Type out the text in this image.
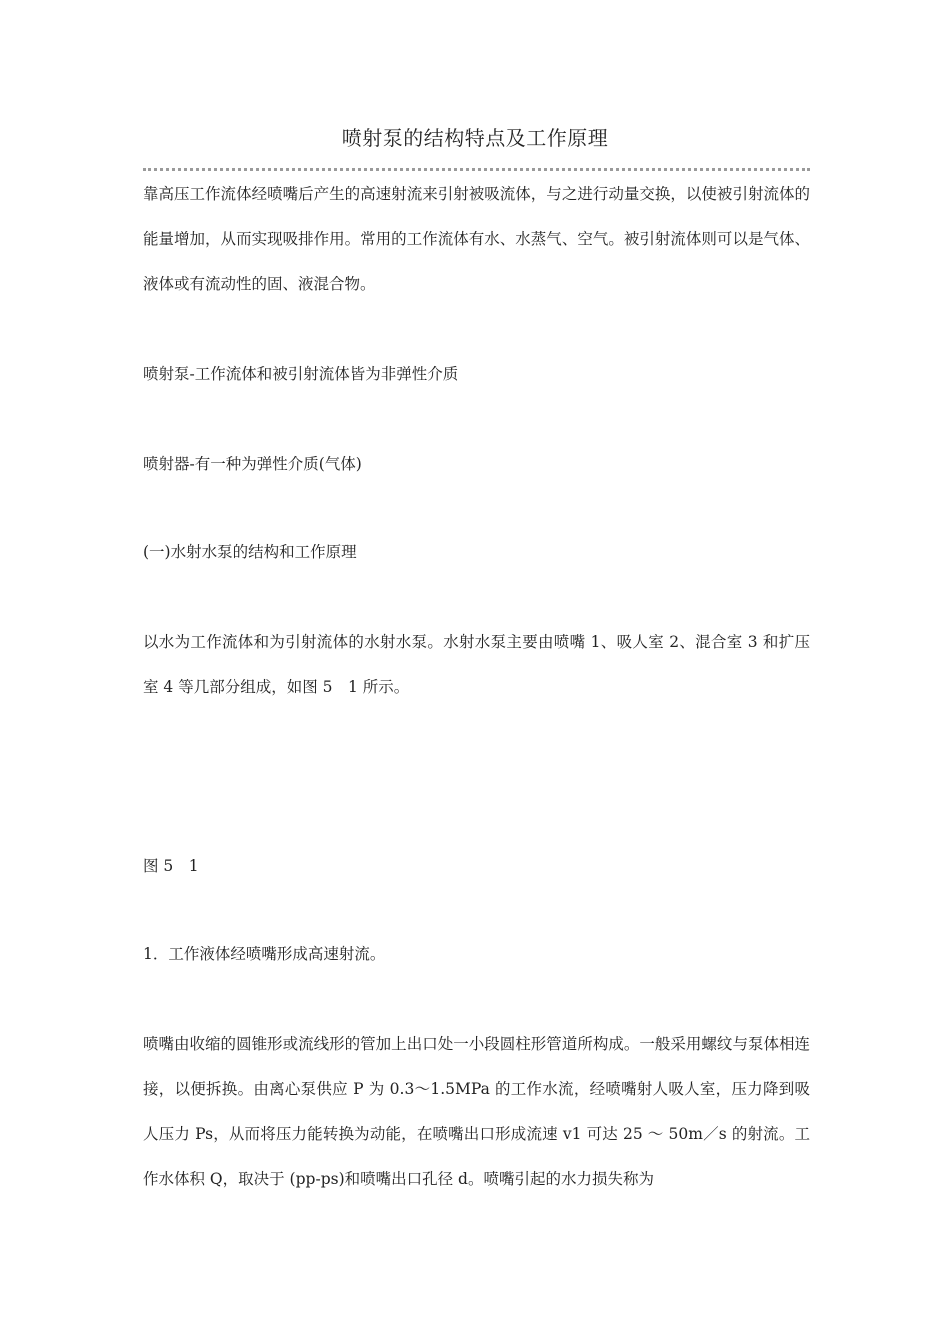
喷射泵的结构特点及工作原理
靠高压工作流体经喷嘴后产生的高速射流来引射被吸流体，与之进行动量交换，以使被引射流体的能量增加，从而实现吸排作用。常用的工作流体有水、水蒸气、空气。被引射流体则可以是气体、液体或有流动性的固、液混合物。
喷射泵-工作流体和被引射流体皆为非弹性介质
喷射器-有一种为弹性介质(气体)
(一)水射水泵的结构和工作原理
以水为工作流体和为引射流体的水射水泵。水射水泵主要由喷嘴 1、吸人室 2、混合室 3 和扩压室 4 等几部分组成，如图 5　1 所示。
图 5　1
1．工作液体经喷嘴形成高速射流。
喷嘴由收缩的圆锥形或流线形的管加上出口处一小段圆柱形管道所构成。一般采用螺纹与泵体相连接，以便拆换。由离心泵供应 P 为 0.3～1.5MPa 的工作水流，经喷嘴射人吸人室，压力降到吸人压力 Ps，从而将压力能转换为动能，在喷嘴出口形成流速 v1 可达 25 ～ 50m／s 的射流。工作水体积 Q，取决于 (pp-ps)和喷嘴出口孔径 d。喷嘴引起的水力损失称为
